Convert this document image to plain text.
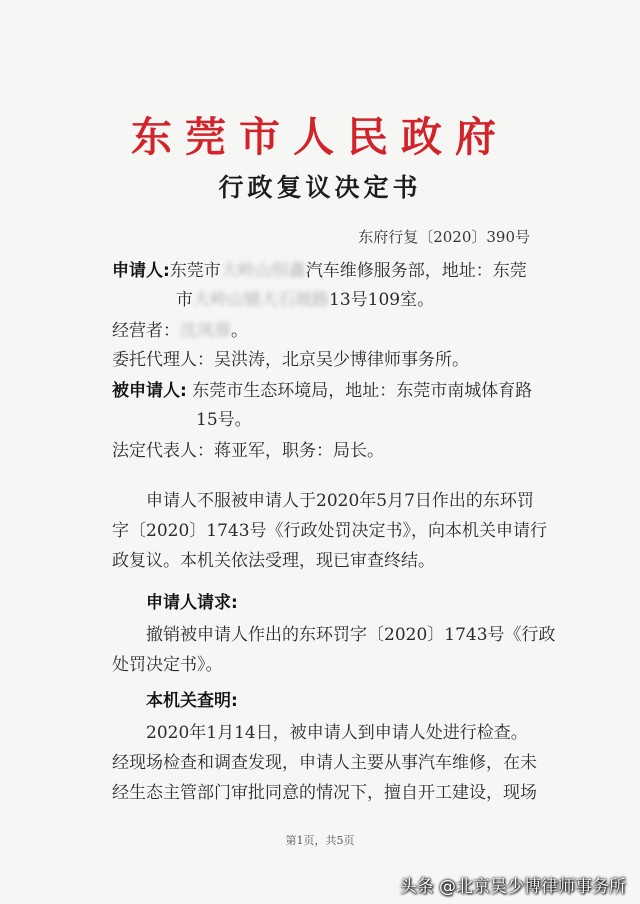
东莞市人民政府
行政复议决定书
东府行复〔2020〕390号
申请人:东莞市大岭山恒鑫汽车维修服务部，地址：东莞
市大岭山镇大石坡路13号109室。
经营者：沈凤蓉。
委托代理人：吴洪涛，北京吴少博律师事务所。
被申请人: 东莞市生态环境局，地址：东莞市南城体育路
15号。
法定代表人：蒋亚军，职务：局长。
申请人不服被申请人于2020年5月7日作出的东环罚
字〔2020〕1743号《行政处罚决定书》，向本机关申请行
政复议。本机关依法受理，现已审查终结。
申请人请求:
撤销被申请人作出的东环罚字〔2020〕1743号《行政
处罚决定书》。
本机关查明:
2020年1月14日，被申请人到申请人处进行检查。
经现场检查和调查发现，申请人主要从事汽车维修，在未
经生态主管部门审批同意的情况下，擅自开工建设，现场
第1页，共5页
头条 @北京吴少博律师事务所
